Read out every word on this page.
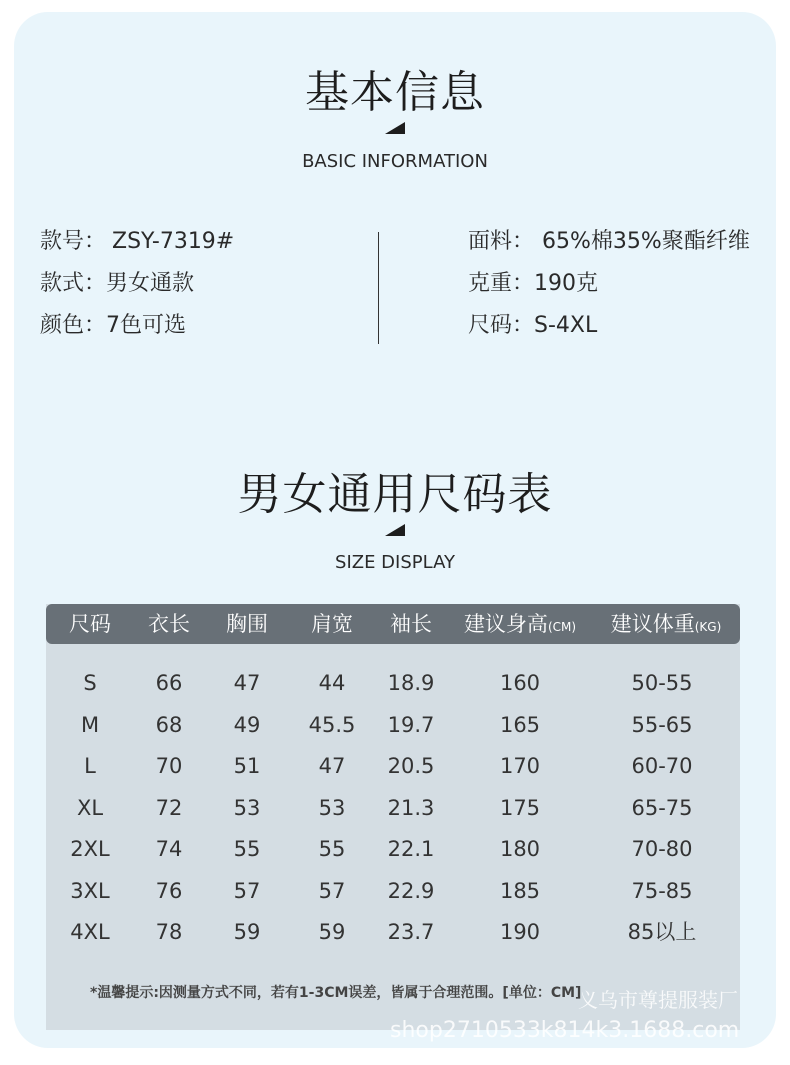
基本信息
BASIC INFORMATION
款号： ZSY-7319#
款式：男女通款
颜色：7色可选
面料： 65%棉35%聚酯纤维
克重：190克
尺码：S-4XL
男女通用尺码表
SIZE DISPLAY
尺码	衣长	胸围	肩宽	袖长	建议身高(CM)	建议体重(KG)
S	66	47	44	18.9	160	50-55
M	68	49	45.5	19.7	165	55-65
L	70	51	47	20.5	170	60-70
XL	72	53	53	21.3	175	65-75
2XL	74	55	55	22.1	180	70-80
3XL	76	57	57	22.9	185	75-85
4XL	78	59	59	23.7	190	85以上
*温馨提示:因测量方式不同，若有1-3CM误差，皆属于合理范围。[单位：CM]
义乌市尊提服装厂
shop2710533k814k3.1688.com
